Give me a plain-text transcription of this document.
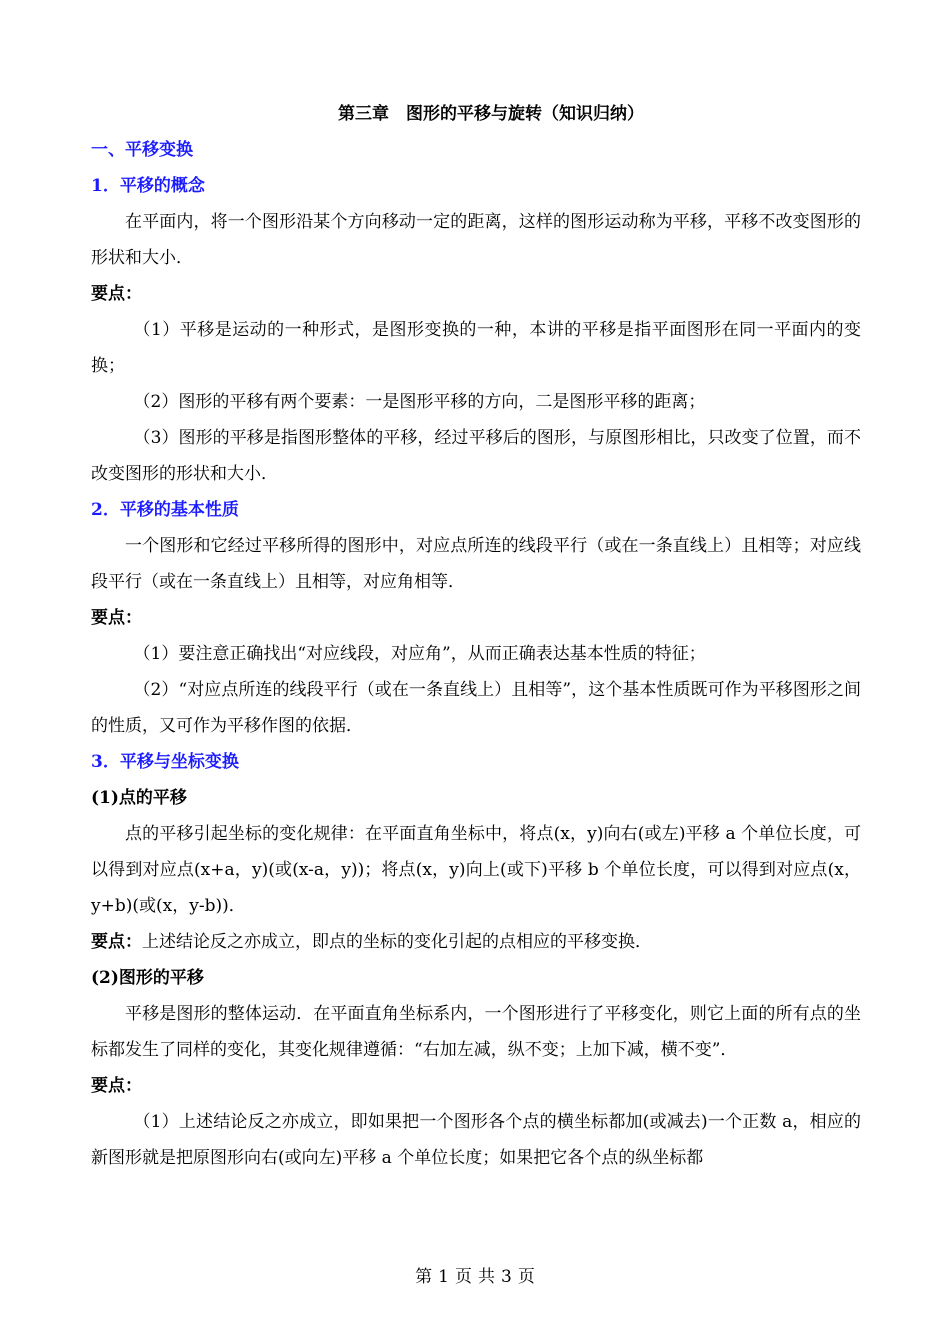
第三章　图形的平移与旋转（知识归纳）
一、平移变换
1．平移的概念

在平面内，将一个图形沿某个方向移动一定的距离，这样的图形运动称为平移，平移不改变图形的形状和大小．

要点：

（1）平移是运动的一种形式，是图形变换的一种，本讲的平移是指平面图形在同一平面内的变换；

（2）图形的平移有两个要素：一是图形平移的方向，二是图形平移的距离；

（3）图形的平移是指图形整体的平移，经过平移后的图形，与原图形相比，只改变了位置，而不改变图形的形状和大小．

2．平移的基本性质

一个图形和它经过平移所得的图形中，对应点所连的线段平行（或在一条直线上）且相等；对应线段平行（或在一条直线上）且相等，对应角相等．

要点：

（1）要注意正确找出“对应线段，对应角”，从而正确表达基本性质的特征；

（2）“对应点所连的线段平行（或在一条直线上）且相等”，这个基本性质既可作为平移图形之间的性质，又可作为平移作图的依据．

3．平移与坐标变换
(1)点的平移

点的平移引起坐标的变化规律：在平面直角坐标中，将点(x，y)向右(或左)平移 a 个单位长度，可以得到对应点(x+a，y)(或(x-a，y))；将点(x，y)向上(或下)平移 b 个单位长度，可以得到对应点(x，y+b)(或(x，y-b))．

要点：上述结论反之亦成立，即点的坐标的变化引起的点相应的平移变换．

(2)图形的平移

平移是图形的整体运动．在平面直角坐标系内，一个图形进行了平移变化，则它上面的所有点的坐标都发生了同样的变化，其变化规律遵循：“右加左减，纵不变；上加下减，横不变”．

要点：

（1）上述结论反之亦成立，即如果把一个图形各个点的横坐标都加(或减去)一个正数 a，相应的新图形就是把原图形向右(或向左)平移 a 个单位长度；如果把它各个点的纵坐标都

第 1 页 共 3 页
